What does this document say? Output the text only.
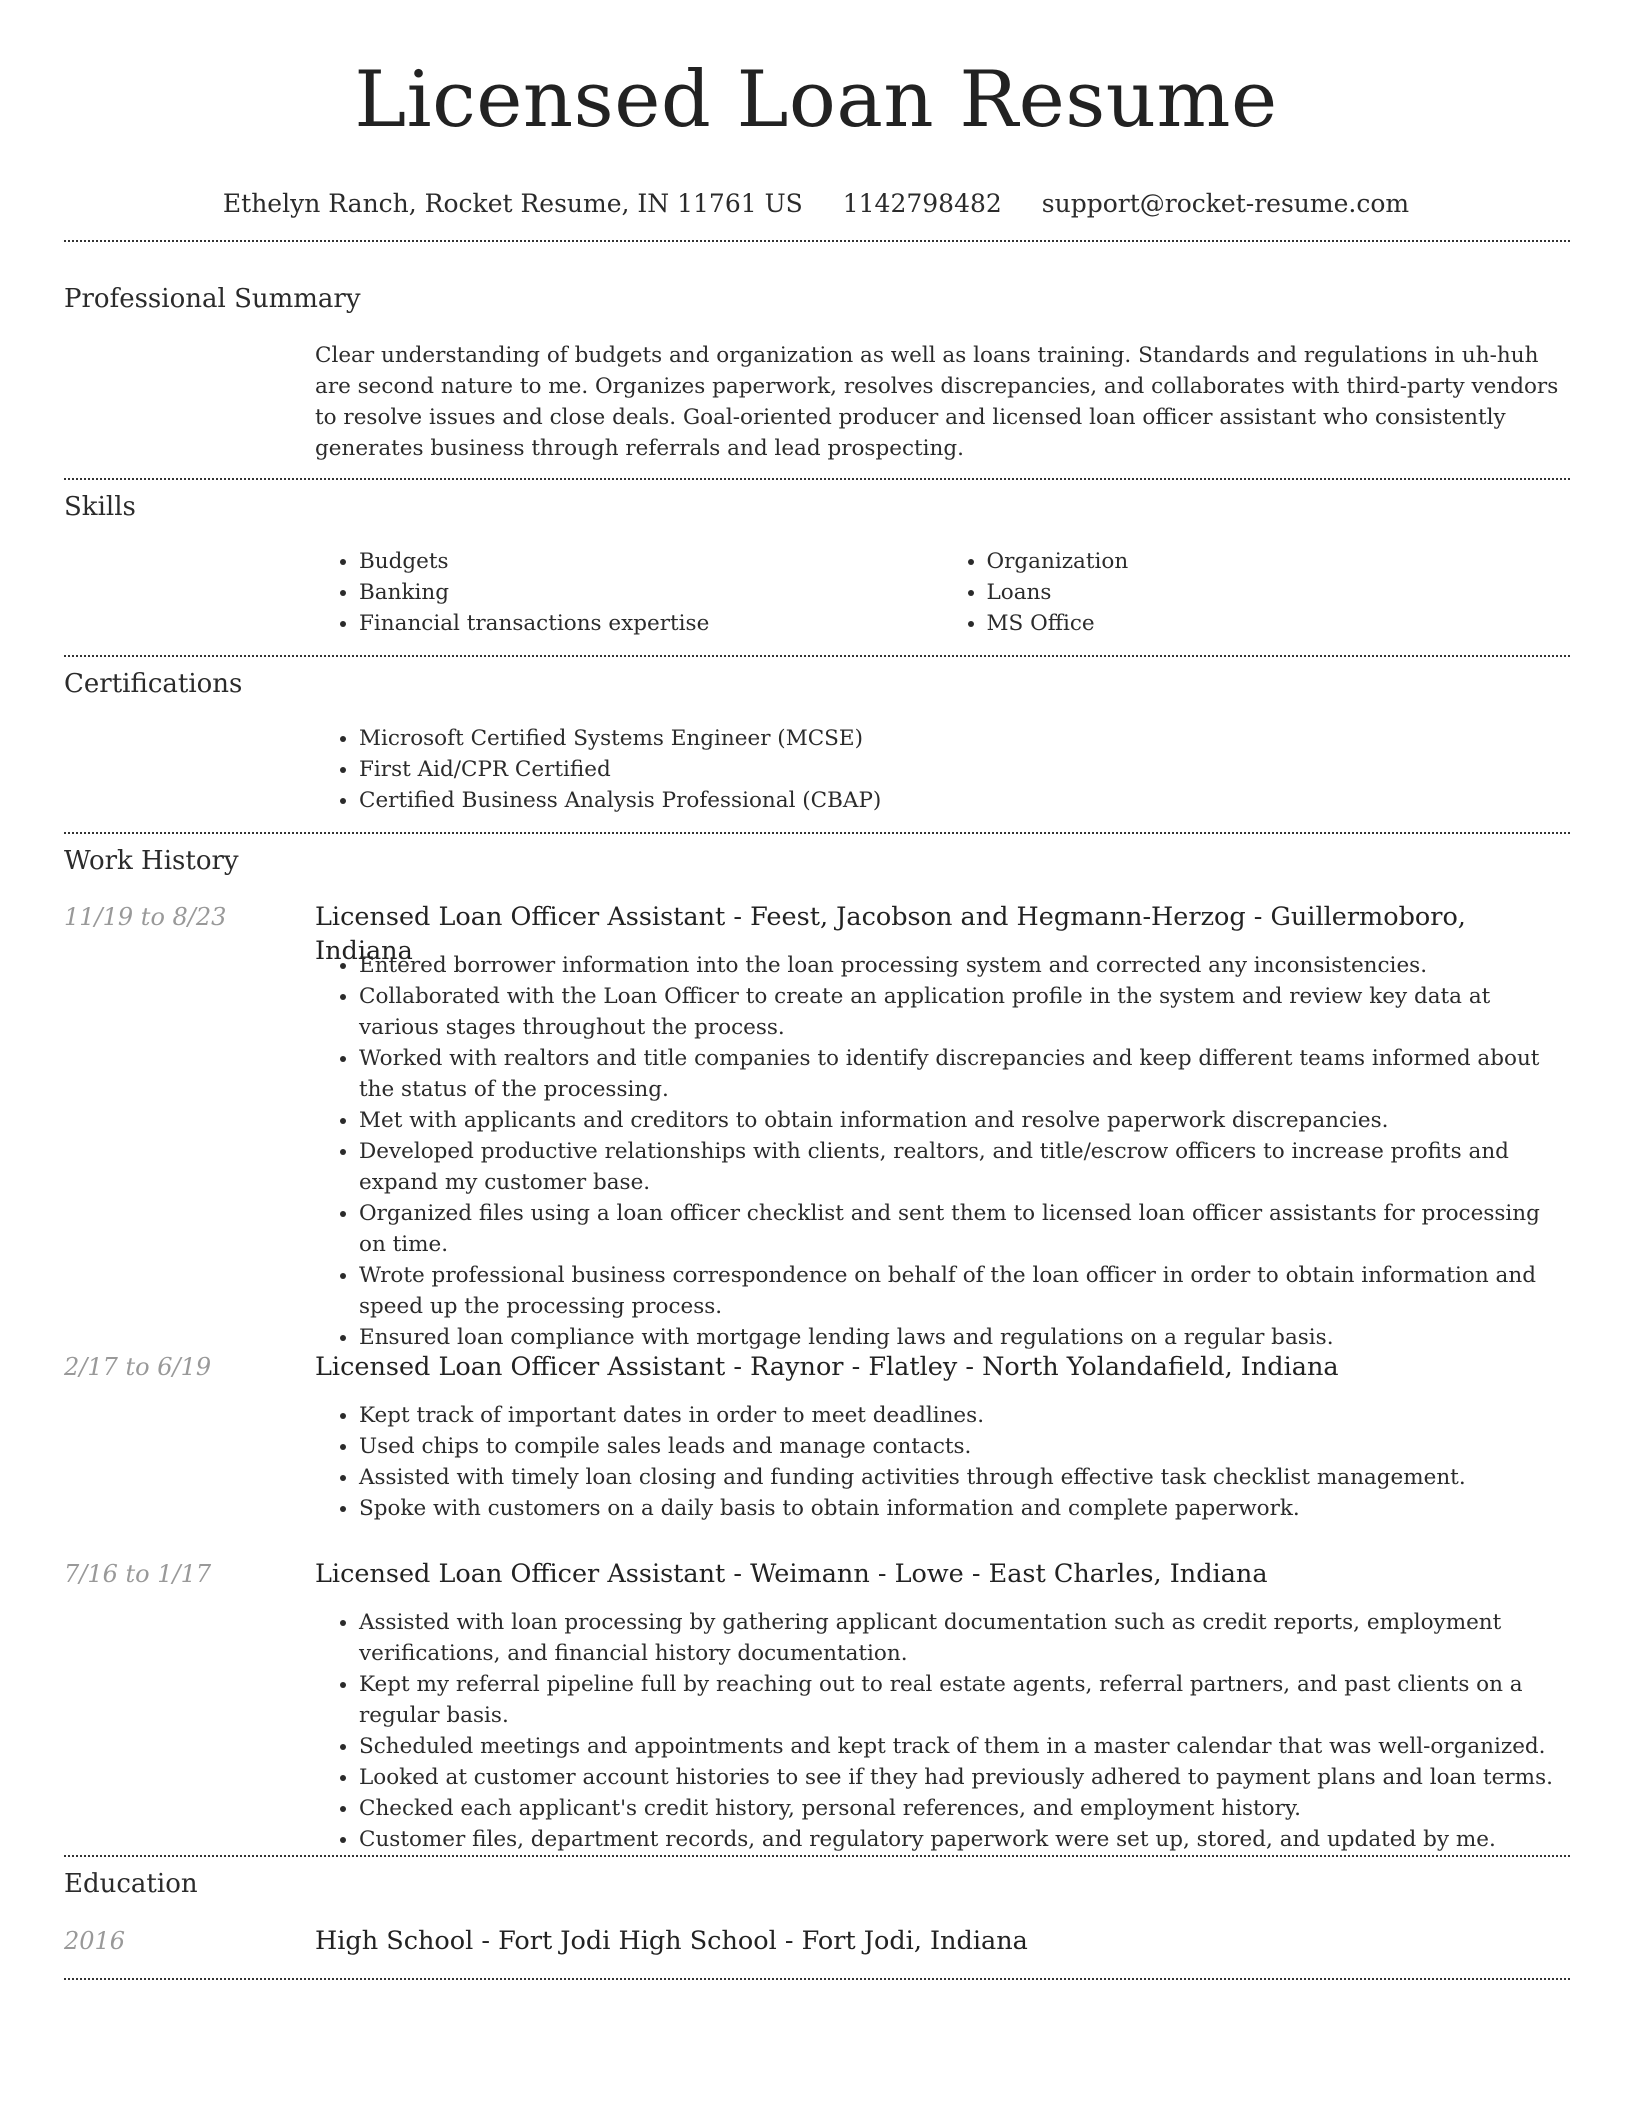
Licensed Loan Resume
Ethelyn Ranch, Rocket Resume, IN 11761 US 1142798482 support@rocket-resume.com
Professional Summary
Clear understanding of budgets and organization as well as loans training. Standards and regulations in uh-huh are second nature to me. Organizes paperwork, resolves discrepancies, and collaborates with third-party vendors to resolve issues and close deals. Goal-oriented producer and licensed loan officer assistant who consistently generates business through referrals and lead prospecting.
Skills
• Budgets
• Banking
• Financial transactions expertise
• Organization
• Loans
• MS Office
Certifications
• Microsoft Certified Systems Engineer (MCSE)
• First Aid/CPR Certified
• Certified Business Analysis Professional (CBAP)
Work History
11/19 to 8/23	Licensed Loan Officer Assistant - Feest, Jacobson and Hegmann-Herzog - Guillermoboro, Indiana
• Entered borrower information into the loan processing system and corrected any inconsistencies.
• Collaborated with the Loan Officer to create an application profile in the system and review key data at various stages throughout the process.
• Worked with realtors and title companies to identify discrepancies and keep different teams informed about the status of the processing.
• Met with applicants and creditors to obtain information and resolve paperwork discrepancies.
• Developed productive relationships with clients, realtors, and title/escrow officers to increase profits and expand my customer base.
• Organized files using a loan officer checklist and sent them to licensed loan officer assistants for processing on time.
• Wrote professional business correspondence on behalf of the loan officer in order to obtain information and speed up the processing process.
• Ensured loan compliance with mortgage lending laws and regulations on a regular basis.
2/17 to 6/19	Licensed Loan Officer Assistant - Raynor - Flatley - North Yolandafield, Indiana
• Kept track of important dates in order to meet deadlines.
• Used chips to compile sales leads and manage contacts.
• Assisted with timely loan closing and funding activities through effective task checklist management.
• Spoke with customers on a daily basis to obtain information and complete paperwork.
7/16 to 1/17	Licensed Loan Officer Assistant - Weimann - Lowe - East Charles, Indiana
• Assisted with loan processing by gathering applicant documentation such as credit reports, employment verifications, and financial history documentation.
• Kept my referral pipeline full by reaching out to real estate agents, referral partners, and past clients on a regular basis.
• Scheduled meetings and appointments and kept track of them in a master calendar that was well-organized.
• Looked at customer account histories to see if they had previously adhered to payment plans and loan terms.
• Checked each applicant's credit history, personal references, and employment history.
• Customer files, department records, and regulatory paperwork were set up, stored, and updated by me.
Education
2016	High School - Fort Jodi High School - Fort Jodi, Indiana
